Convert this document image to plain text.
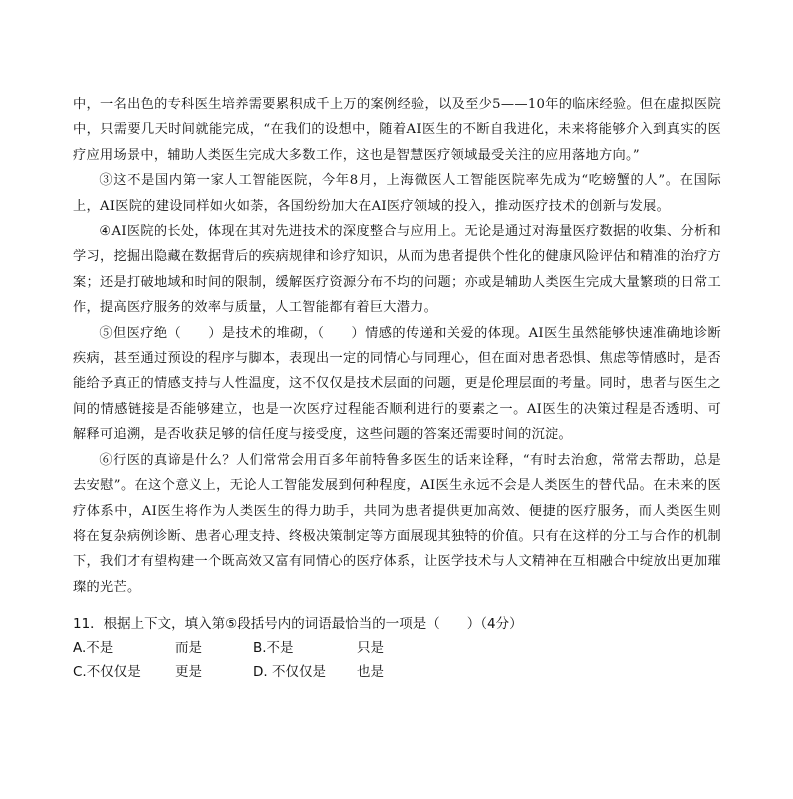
中，一名出色的专科医生培养需要累积成千上万的案例经验，以及至少5——10年的临床经验。但在虚拟医院中，只需要几天时间就能完成，“在我们的设想中，随着AI医生的不断自我进化，未来将能够介入到真实的医疗应用场景中，辅助人类医生完成大多数工作，这也是智慧医疗领域最受关注的应用落地方向。”

③这不是国内第一家人工智能医院，今年8月，上海微医人工智能医院率先成为“吃螃蟹的人”。在国际上，AI医院的建设同样如火如荼，各国纷纷加大在AI医疗领域的投入，推动医疗技术的创新与发展。

④AI医院的长处，体现在其对先进技术的深度整合与应用上。无论是通过对海量医疗数据的收集、分析和学习，挖掘出隐藏在数据背后的疾病规律和诊疗知识，从而为患者提供个性化的健康风险评估和精准的治疗方案；还是打破地域和时间的限制，缓解医疗资源分布不均的问题；亦或是辅助人类医生完成大量繁琐的日常工作，提高医疗服务的效率与质量，人工智能都有着巨大潜力。

⑤但医疗绝（　　）是技术的堆砌，（　　）情感的传递和关爱的体现。AI医生虽然能够快速准确地诊断疾病，甚至通过预设的程序与脚本，表现出一定的同情心与同理心，但在面对患者恐惧、焦虑等情感时，是否能给予真正的情感支持与人性温度，这不仅仅是技术层面的问题，更是伦理层面的考量。同时，患者与医生之间的情感链接是否能够建立，也是一次医疗过程能否顺利进行的要素之一。AI医生的决策过程是否透明、可解释可追溯，是否收获足够的信任度与接受度，这些问题的答案还需要时间的沉淀。

⑥行医的真谛是什么？人们常常会用百多年前特鲁多医生的话来诠释，“有时去治愈，常常去帮助，总是去安慰”。在这个意义上，无论人工智能发展到何种程度，AI医生永远不会是人类医生的替代品。在未来的医疗体系中，AI医生将作为人类医生的得力助手，共同为患者提供更加高效、便捷的医疗服务，而人类医生则将在复杂病例诊断、患者心理支持、终极决策制定等方面展现其独特的价值。只有在这样的分工与合作的机制下，我们才有望构建一个既高效又富有同情心的医疗体系，让医学技术与人文精神在互相融合中绽放出更加璀璨的光芒。

11．根据上下文，填入第⑤段括号内的词语最恰当的一项是（　　）（4分）

A.不是	而是	B.不是	只是
C.不仅仅是	更是	D. 不仅仅是 也是
